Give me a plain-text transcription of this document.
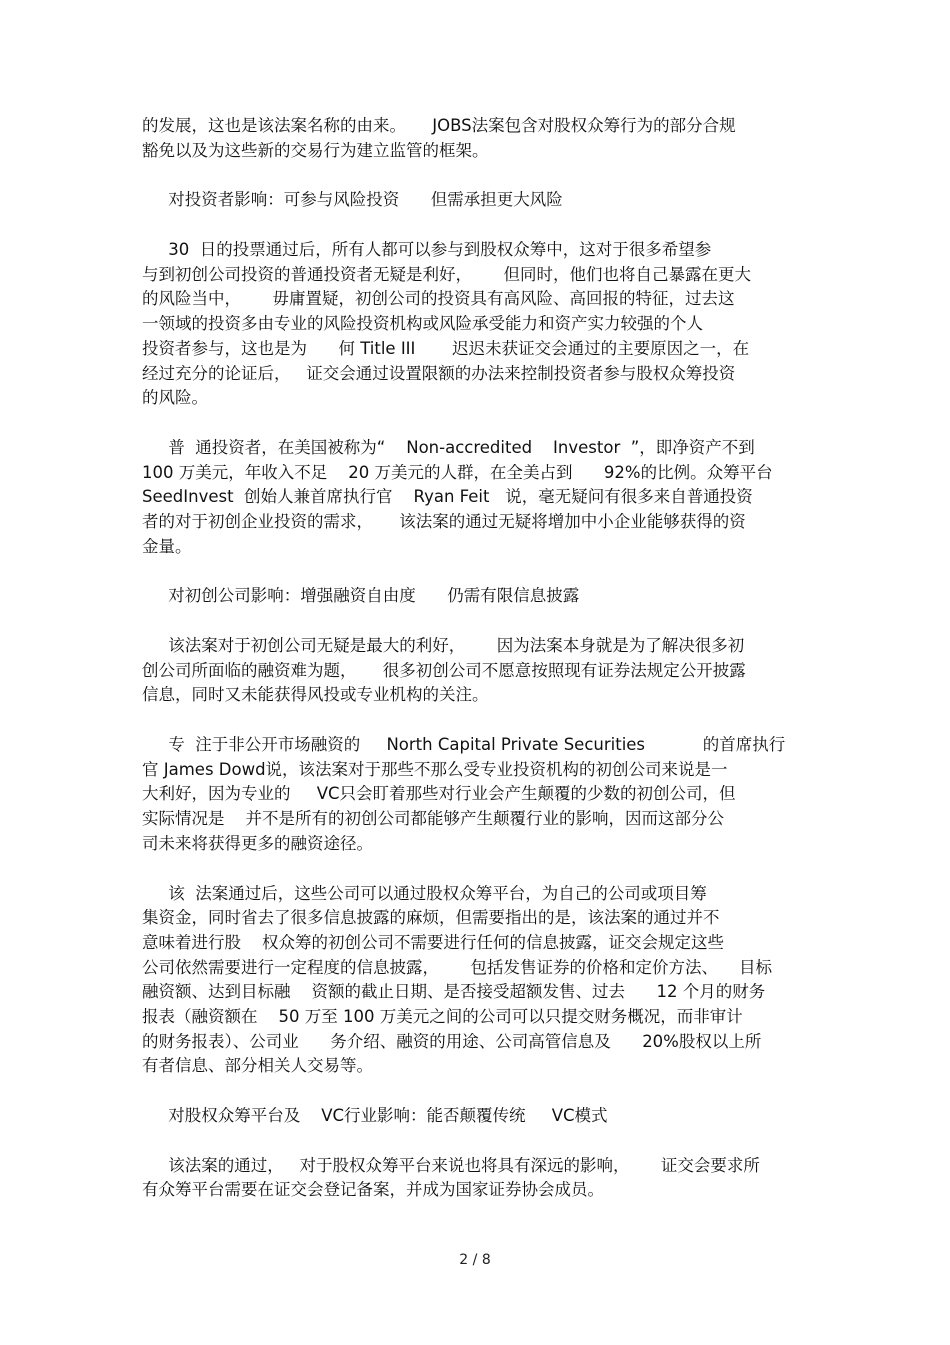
的发展，这也是该法案名称的由来。     JOBS法案包含对股权众筹行为的部分合规
豁免以及为这些新的交易行为建立监管的框架。
对投资者影响：可参与风险投资      但需承担更大风险
30  日的投票通过后，所有人都可以参与到股权众筹中，这对于很多希望参
与到初创公司投资的普通投资者无疑是利好，      但同时，他们也将自己暴露在更大
的风险当中，      毋庸置疑，初创公司的投资具有高风险、高回报的特征，过去这
一领域的投资多由专业的风险投资机构或风险承受能力和资产实力较强的个人
投资者参与，这也是为      何 Title III       迟迟未获证交会通过的主要原因之一，在
经过充分的论证后，   证交会通过设置限额的办法来控制投资者参与股权众筹投资
的风险。
普  通投资者，在美国被称为“    Non-accredited    Investor  ”，即净资产不到
100 万美元，年收入不足    20 万美元的人群，在全美占到      92%的比例。众筹平台
SeedInvest  创始人兼首席执行官    Ryan Feit   说，毫无疑问有很多来自普通投资
者的对于初创企业投资的需求，     该法案的通过无疑将增加中小企业能够获得的资
金量。
对初创公司影响：增强融资自由度      仍需有限信息披露
该法案对于初创公司无疑是最大的利好，      因为法案本身就是为了解决很多初
创公司所面临的融资难为题，     很多初创公司不愿意按照现有证券法规定公开披露
信息，同时又未能获得风投或专业机构的关注。
专  注于非公开市场融资的     North Capital Private Securities           的首席执行
官 James Dowd说，该法案对于那些不那么受专业投资机构的初创公司来说是一
大利好，因为专业的     VC只会盯着那些对行业会产生颠覆的少数的初创公司，但
实际情况是    并不是所有的初创公司都能够产生颠覆行业的影响，因而这部分公
司未来将获得更多的融资途径。
该  法案通过后，这些公司可以通过股权众筹平台，为自己的公司或项目筹
集资金，同时省去了很多信息披露的麻烦，但需要指出的是，该法案的通过并不
意味着进行股    权众筹的初创公司不需要进行任何的信息披露，证交会规定这些
公司依然需要进行一定程度的信息披露，      包括发售证券的价格和定价方法、    目标
融资额、达到目标融    资额的截止日期、是否接受超额发售、过去      12 个月的财务
报表（融资额在    50 万至 100 万美元之间的公司可以只提交财务概况，而非审计
的财务报表）、公司业      务介绍、融资的用途、公司高管信息及      20%股权以上所
有者信息、部分相关人交易等。
对股权众筹平台及    VC行业影响：能否颠覆传统     VC模式
该法案的通过，   对于股权众筹平台来说也将具有深远的影响，      证交会要求所
有众筹平台需要在证交会登记备案，并成为国家证券协会成员。
2 / 8
